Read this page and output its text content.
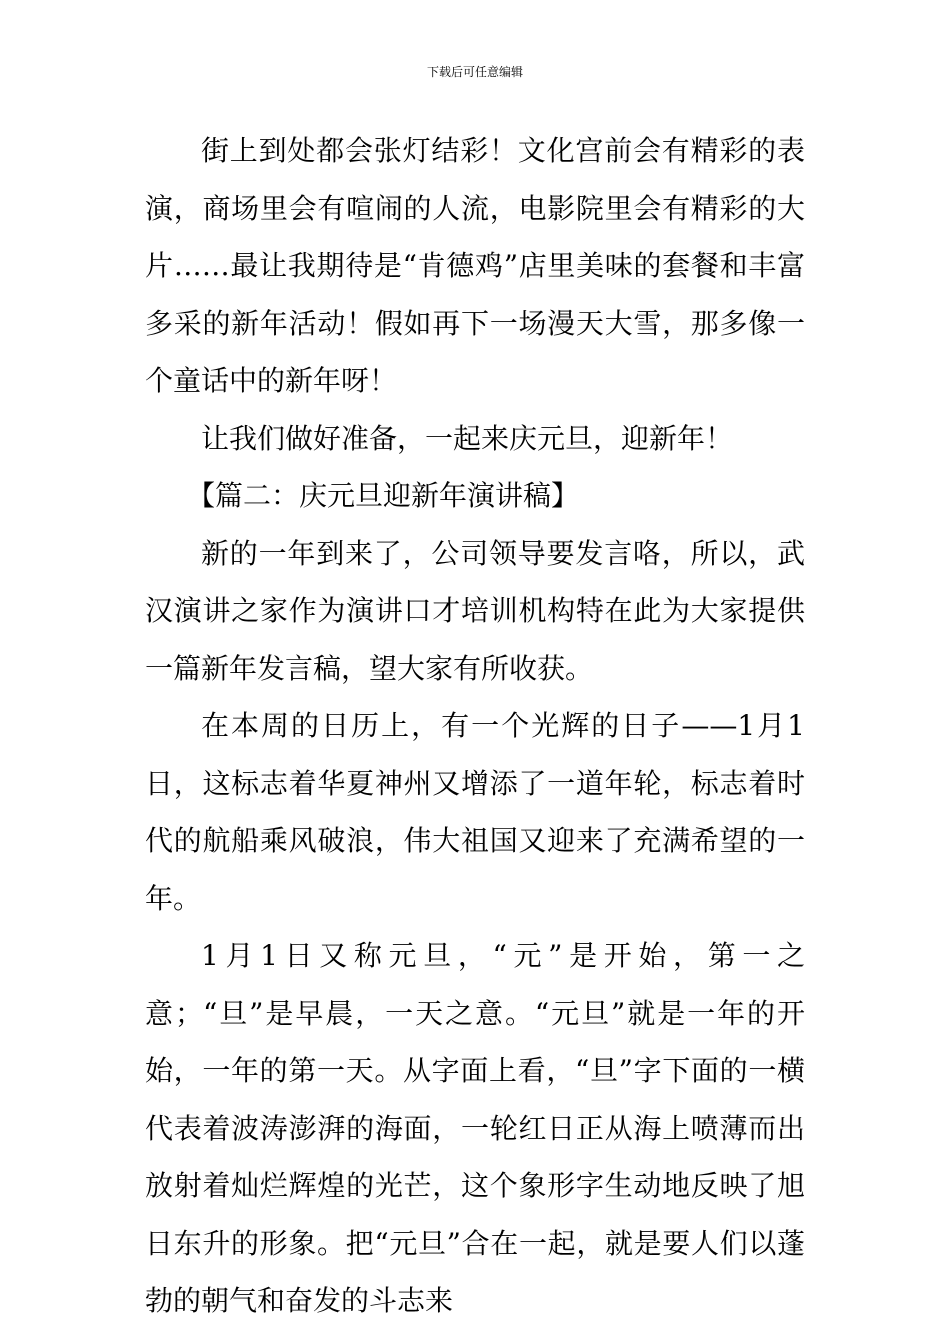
下载后可任意编辑

街上到处都会张灯结彩！文化宫前会有精彩的表演，商场里会有喧闹的人流，电影院里会有精彩的大片……最让我期待是“肯德鸡”店里美味的套餐和丰富多采的新年活动！假如再下一场漫天大雪，那多像一个童话中的新年呀！

让我们做好准备，一起来庆元旦，迎新年！

【篇二：庆元旦迎新年演讲稿】

新的一年到来了，公司领导要发言咯，所以，武汉演讲之家作为演讲口才培训机构特在此为大家提供一篇新年发言稿，望大家有所收获。

在本周的日历上，有一个光辉的日子——1月1日，这标志着华夏神州又增添了一道年轮，标志着时代的航船乘风破浪，伟大祖国又迎来了充满希望的一年。

1月1日又称元旦，“元”是开始，第一之意；“旦”是早晨，一天之意。“元旦”就是一年的开始，一年的第一天。从字面上看，“旦”字下面的一横代表着波涛澎湃的海面，一轮红日正从海上喷薄而出放射着灿烂辉煌的光芒，这个象形字生动地反映了旭日东升的形象。把“元旦”合在一起，就是要人们以蓬勃的朝气和奋发的斗志来
